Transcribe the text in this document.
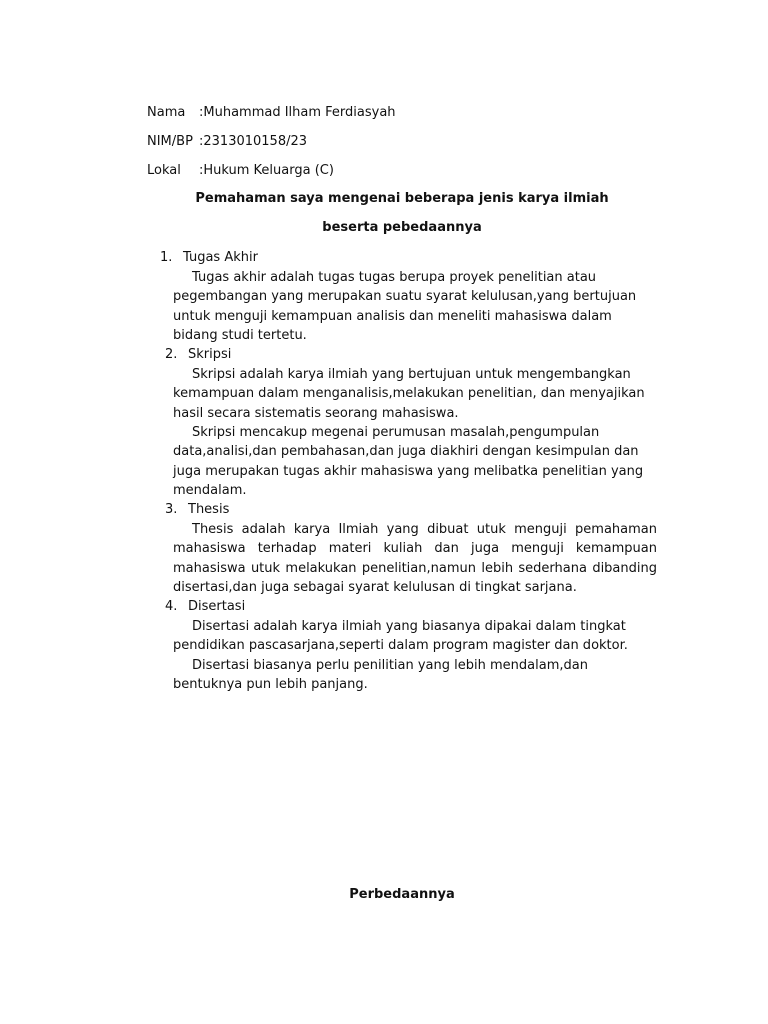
Nama :Muhammad Ilham Ferdiasyah
NIM/BP :2313010158/23
Lokal :Hukum Keluarga (C)
Pemahaman saya mengenai beberapa jenis karya ilmiah
beserta pebedaannya
1. Tugas Akhir
Tugas akhir adalah tugas tugas berupa proyek penelitian atau pegembangan yang merupakan suatu syarat kelulusan,yang bertujuan untuk menguji kemampuan analisis dan meneliti mahasiswa dalam bidang studi tertetu.
2. Skripsi
Skripsi adalah karya ilmiah yang bertujuan untuk mengembangkan kemampuan dalam menganalisis,melakukan penelitian, dan menyajikan hasil secara sistematis seorang mahasiswa.
Skripsi mencakup megenai perumusan masalah,pengumpulan data,analisi,dan pembahasan,dan juga diakhiri dengan kesimpulan dan juga merupakan tugas akhir mahasiswa yang melibatka penelitian yang mendalam.
3. Thesis
Thesis adalah karya Ilmiah yang dibuat utuk menguji pemahaman mahasiswa terhadap materi kuliah dan juga menguji kemampuan mahasiswa utuk melakukan penelitian,namun lebih sederhana dibanding disertasi,dan juga sebagai syarat kelulusan di tingkat sarjana.
4. Disertasi
Disertasi adalah karya ilmiah yang biasanya dipakai dalam tingkat pendidikan pascasarjana,seperti dalam program magister dan doktor.
Disertasi biasanya perlu penilitian yang lebih mendalam,dan bentuknya pun lebih panjang.
Perbedaannya
